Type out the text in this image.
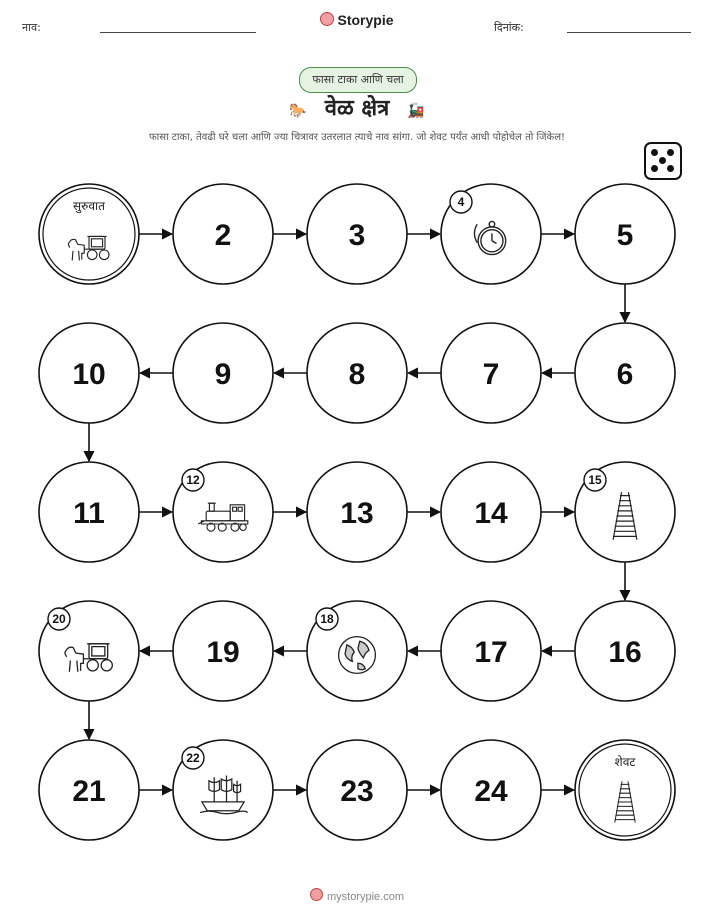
नाव:	Storypie	दिनांक:
फासा टाका आणि चला
🐎 वेळ क्षेत्र 🚂
फासा टाका, तेवढी घरे चला आणि ज्या चित्रावर उतरलात त्याचे नाव सांगा. जो शेवट पर्यंत आधी पोहोचेल तो जिंकेल!
सुरुवात
2	3
4
5
6
7
8
9
10
11
12
13	14
15
16
17
18
19
20
21
22
23	24
शेवट
mystorypie.com
